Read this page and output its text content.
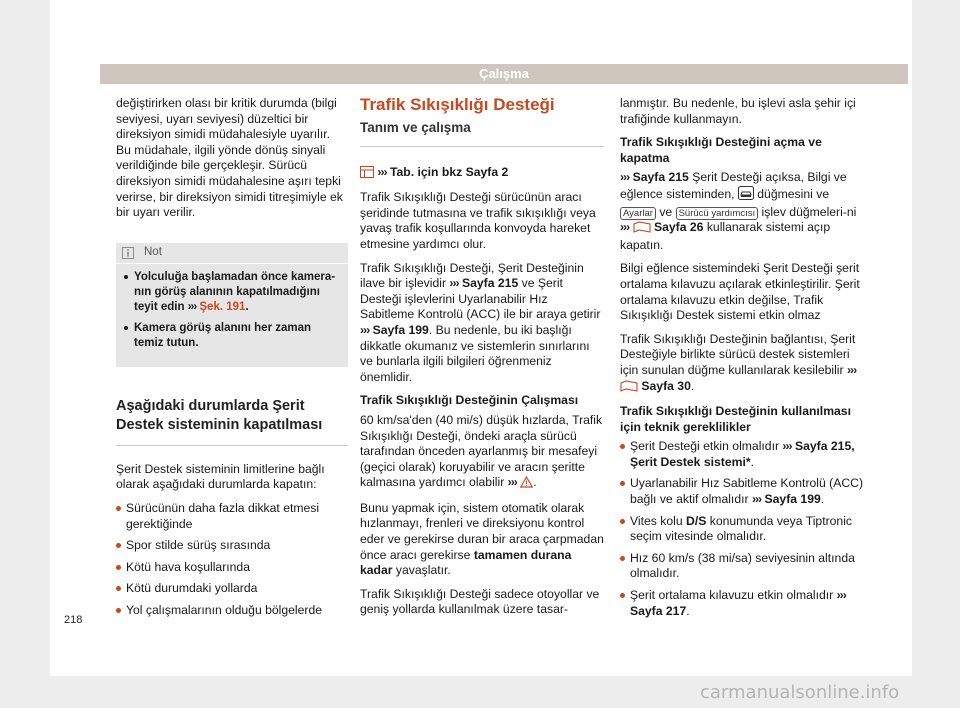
Çalışma

değiştirirken olası bir kritik durumda (bilgi seviyesi, uyarı seviyesi) düzeltici bir direksiyon simidi müdahalesiyle uyarılır. Bu müdahale, ilgili yönde dönüş sinyali verildiğinde bile gerçekleşir. Sürücü direksiyon simidi müdahalesine aşırı tepki verirse, bir direksiyon simidi titreşimiyle ek bir uyarı verilir.

Not
Yolculuğa başlamadan önce kamera-nın görüş alanının kapatılmadığını teyit edin ››› Şek. 191.
Kamera görüş alanını her zaman temiz tutun.
Aşağıdaki durumlarda Şerit Destek sisteminin kapatılması

Şerit Destek sisteminin limitlerine bağlı olarak aşağıdaki durumlarda kapatın:

Sürücünün daha fazla dikkat etmesi gerektiğinde
Spor stilde sürüş sırasında
Kötü hava koşullarında
Kötü durumdaki yollarda
Yol çalışmalarının olduğu bölgelerde
Trafik Sıkışıklığı Desteği
Tanım ve çalışma

››› Tab. için bkz Sayfa 2

Trafik Sıkışıklığı Desteği sürücünün aracı şeridinde tutmasına ve trafik sıkışıklığı veya yavaş trafik koşullarında konvoyda hareket etmesine yardımcı olur.

Trafik Sıkışıklığı Desteği, Şerit Desteğinin ilave bir işlevidir ››› Sayfa 215 ve Şerit Desteği işlevlerini Uyarlanabilir Hız Sabitleme Kontrolü (ACC) ile bir araya getirir ››› Sayfa 199. Bu nedenle, bu iki başlığı dikkatle okumanız ve sistemlerin sınırlarını ve bunlarla ilgili bilgileri öğrenmeniz önemlidir.

Trafik Sıkışıklığı Desteğinin Çalışması

60 km/sa'den (40 mi/s) düşük hızlarda, Trafik Sıkışıklığı Desteği, öndeki araçla sürücü tarafından önceden ayarlanmış bir mesafeyi (geçici olarak) koruyabilir ve aracın şeritte kalmasına yardımcı olabilir ››› .

Bunu yapmak için, sistem otomatik olarak hızlanmayı, frenleri ve direksiyonu kontrol eder ve gerekirse duran bir araca çarpmadan önce aracı gerekirse tamamen durana kadar yavaşlatır.

Trafik Sıkışıklığı Desteği sadece otoyollar ve geniş yollarda kullanılmak üzere tasar-

lanmıştır. Bu nedenle, bu işlevi asla şehir içi trafiğinde kullanmayın.

Trafik Sıkışıklığı Desteğini açma ve kapatma

››› Sayfa 215 Şerit Desteği açıksa, Bilgi ve eğlence sisteminden, düğmesini ve Ayarlar ve Sürücü yardımcısı işlev düğmeleri-ni ››› Sayfa 26 kullanarak sistemi açıp kapatın.

Bilgi eğlence sistemindeki Şerit Desteği şerit ortalama kılavuzu açılarak etkinleştirilir. Şerit ortalama kılavuzu etkin değilse, Trafik Sıkışıklığı Destek sistemi etkin olmaz

Trafik Sıkışıklığı Desteğinin bağlantısı, Şerit Desteğiyle birlikte sürücü destek sistemleri için sunulan düğme kullanılarak kesilebilir ›››  Sayfa 30.

Trafik Sıkışıklığı Desteğinin kullanılması için teknik gereklilikler

Şerit Desteği etkin olmalıdır ››› Sayfa 215, Şerit Destek sistemi*.
Uyarlanabilir Hız Sabitleme Kontrolü (ACC) bağlı ve aktif olmalıdır ››› Sayfa 199.
Vites kolu D/S konumunda veya Tiptronic seçim vitesinde olmalıdır.
Hız 60 km/s (38 mi/sa) seviyesinin altında olmalıdır.
Şerit ortalama kılavuzu etkin olmalıdır ››› Sayfa 217.
218
carmanualsonline.info
